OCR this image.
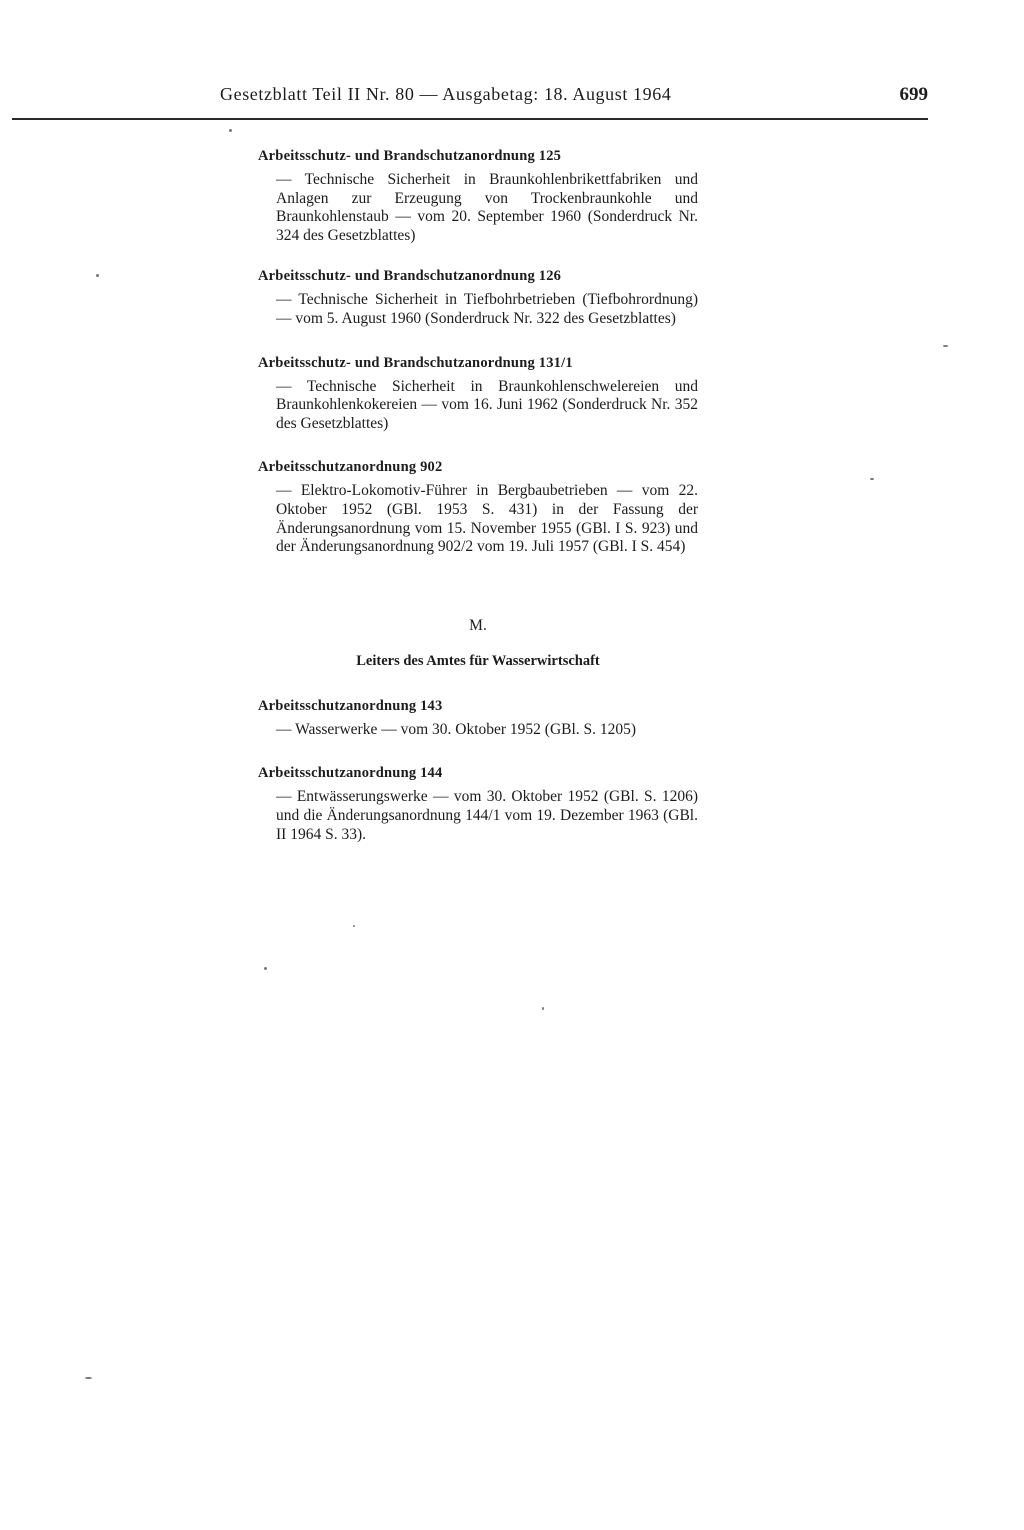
Gesetzblatt Teil II Nr. 80 — Ausgabetag: 18. August 1964	699

Arbeitsschutz- und Brandschutzanordnung 125

— Technische Sicherheit in Braunkohlenbrikettfabriken und Anlagen zur Erzeugung von Trockenbraunkohle und Braunkohlenstaub — vom 20. September 1960 (Sonderdruck Nr. 324 des Gesetzblattes)

Arbeitsschutz- und Brandschutzanordnung 126

— Technische Sicherheit in Tiefbohrbetrieben (Tiefbohrordnung) — vom 5. August 1960 (Sonderdruck Nr. 322 des Gesetzblattes)

Arbeitsschutz- und Brandschutzanordnung 131/1

— Technische Sicherheit in Braunkohlenschwelereien und Braunkohlenkokereien — vom 16. Juni 1962 (Sonderdruck Nr. 352 des Gesetzblattes)

Arbeitsschutzanordnung 902

— Elektro-Lokomotiv-Führer in Bergbaubetrieben — vom 22. Oktober 1952 (GBl. 1953 S. 431) in der Fassung der Änderungsanordnung vom 15. November 1955 (GBl. I S. 923) und der Änderungsanordnung 902/2 vom 19. Juli 1957 (GBl. I S. 454)

M.
Leiters des Amtes für Wasserwirtschaft

Arbeitsschutzanordnung 143

— Wasserwerke — vom 30. Oktober 1952 (GBl. S. 1205)

Arbeitsschutzanordnung 144

— Entwässerungswerke — vom 30. Oktober 1952 (GBl. S. 1206) und die Änderungsanordnung 144/1 vom 19. Dezember 1963 (GBl. II 1964 S. 33).
